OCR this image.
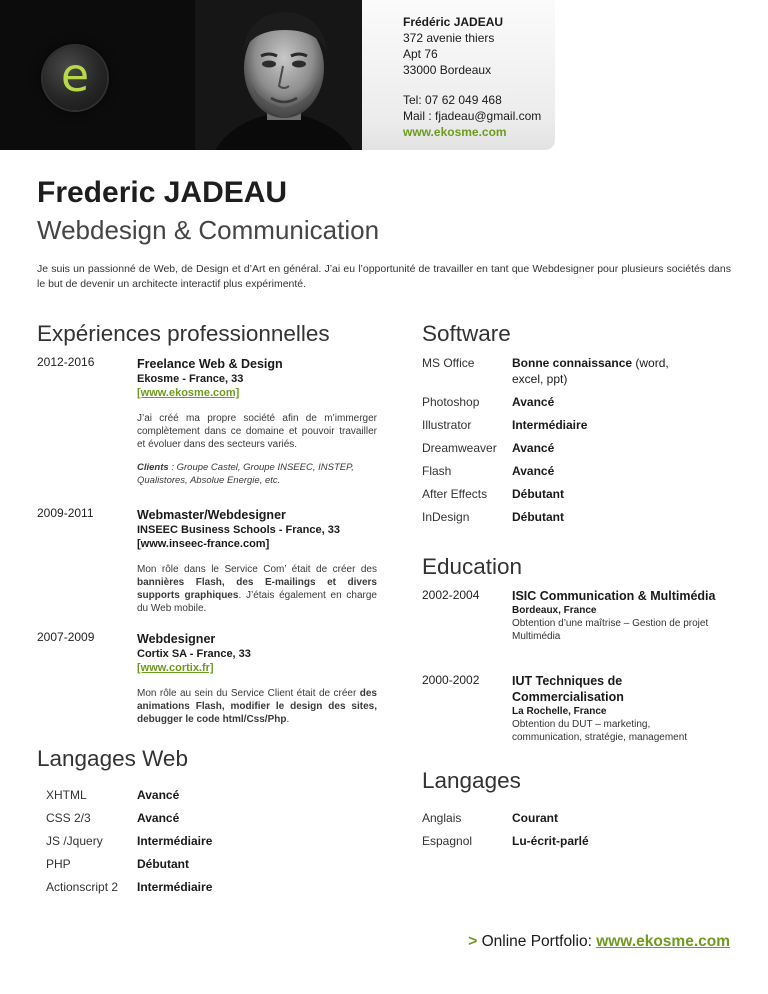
e
Frédéric JADEAU
372 avenie thiers
Apt 76
33000 Bordeaux
Tel: 07 62 049 468
Mail : fjadeau@gmail.com
www.ekosme.com
Frederic JADEAU
Webdesign & Communication
Je suis un passionné de Web, de Design et d’Art en général. J’ai eu l’opportunité de travailler en tant que Webdesigner pour plusieurs sociétés dans le but de devenir un architecte interactif plus expérimenté.
Expériences professionnelles
2012-2016	Freelance Web & Design
Ekosme - France, 33
[www.ekosme.com]
J’ai créé ma propre société afin de m’immerger complètement dans ce domaine et pouvoir travailler et évoluer dans des secteurs variés.
Clients : Groupe Castel, Groupe INSEEC, INSTEP, Qualistores, Absolue Energie, etc.
2009-2011	Webmaster/Webdesigner
INSEEC Business Schools - France, 33
[www.inseec-france.com]
Mon rôle dans le Service Com’ était de créer des bannières Flash, des E-mailings et divers supports graphiques. J’étais également en charge du Web mobile.
2007-2009	Webdesigner
Cortix SA - France, 33
[www.cortix.fr]
Mon rôle au sein du Service Client était de créer des animations Flash, modifier le design des sites, debugger le code html/Css/Php.
Software
MS Office	Bonne connaissance (word, excel, ppt)
Photoshop	Avancé
Illustrator	Intermédiaire
Dreamweaver Avancé
Flash	Avancé
After Effects Débutant
InDesign	Débutant
Education
2002-2004	ISIC Communication & Multimédia
Bordeaux, France
Obtention d’une maîtrise – Gestion de projet Multimédia
2000-2002	IUT Techniques de Commercialisation
La Rochelle, France
Obtention du DUT – marketing, communication, stratégie, management
Langages Web
XHTML	Avancé
CSS 2/3	Avancé
JS /Jquery	Intermédiaire
PHP	Débutant
Actionscript 2 Intermédiaire
Langages
Anglais	Courant
Espagnol	Lu-écrit-parlé
> Online Portfolio: www.ekosme.com
